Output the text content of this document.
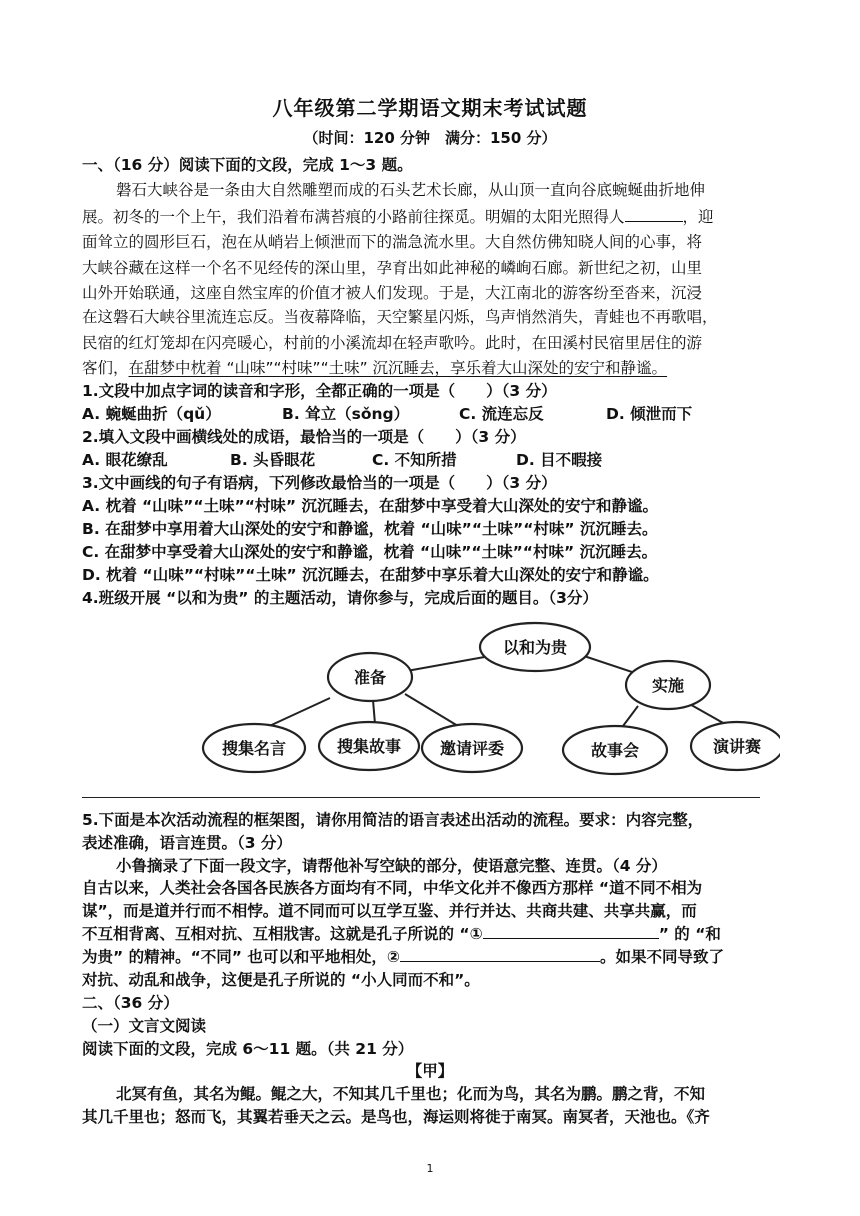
八年级第二学期语文期末考试试题
（时间：120 分钟　满分：150 分）
一、（16 分）阅读下面的文段，完成 1～3 题。
磐石大峡谷是一条由大自然雕塑而成的石头艺术长廊，从山顶一直向谷底蜿蜒曲折地伸
展。初冬的一个上午，我们沿着布满苔痕的小路前往探觅。明媚的太阳光照得人	，迎
面耸立的圆形巨石，泡在从峭岩上倾泄而下的湍急流水里。大自然仿佛知晓人间的心事，将
大峡谷藏在这样一个名不见经传的深山里，孕育出如此神秘的嶙峋石廊。新世纪之初，山里
山外开始联通，这座自然宝库的价值才被人们发现。于是，大江南北的游客纷至沓来，沉浸
在这磐石大峡谷里流连忘反。当夜幕降临，天空繁星闪烁，鸟声悄然消失，青蛙也不再歌唱，
民宿的红灯笼却在闪亮暖心，村前的小溪流却在轻声歌吟。此时，在田溪村民宿里居住的游
客们，在甜梦中枕着 “山味”“村味”“土味” 沉沉睡去，享乐着大山深处的安宁和静谧。
1.文段中加点字词的读音和字形，全都正确的一项是（　　）（3 分）
A. 蜿蜒曲折（qǔ）	B. 耸立（sǒng）	C. 流连忘反	D. 倾泄而下
2.填入文段中画横线处的成语，最恰当的一项是（　　）（3 分）
A. 眼花缭乱	B. 头昏眼花	C. 不知所措	D. 目不暇接
3.文中画线的句子有语病，下列修改最恰当的一项是（　　）（3 分）
A. 枕着 “山味”“土味”“村味” 沉沉睡去，在甜梦中享受着大山深处的安宁和静谧。
B. 在甜梦中享用着大山深处的安宁和静谧，枕着 “山味”“土味”“村味” 沉沉睡去。
C. 在甜梦中享受着大山深处的安宁和静谧，枕着 “山味”“土味”“村味” 沉沉睡去。
D. 枕着 “山味”“村味”“土味” 沉沉睡去，在甜梦中享乐着大山深处的安宁和静谧。
4.班级开展 “以和为贵” 的主题活动，请你参与，完成后面的题目。（3分）
以和为贵
准备	实施
搜集名言	搜集故事 邀请评委	故事会	演讲赛
5.下面是本次活动流程的框架图，请你用简洁的语言表述出活动的流程。要求：内容完整，
表述准确，语言连贯。（3 分）
小鲁摘录了下面一段文字，请帮他补写空缺的部分，使语意完整、连贯。（4 分）
自古以来，人类社会各国各民族各方面均有不同，中华文化并不像西方那样 “道不同不相为
谋”，而是道并行而不相悖。道不同而可以互学互鉴、并行并达、共商共建、共享共赢，而
不互相背离、互相对抗、互相戕害。这就是孔子所说的 “①	” 的 “和
为贵” 的精神。“不同” 也可以和平地相处，②	。如果不同导致了
对抗、动乱和战争，这便是孔子所说的 “小人同而不和”。
二、（36 分）
（一）文言文阅读
阅读下面的文段，完成 6～11 题。（共 21 分）
【甲】
北冥有鱼，其名为鲲。鲲之大，不知其几千里也；化而为鸟，其名为鹏。鹏之背，不知
其几千里也；怒而飞，其翼若垂天之云。是鸟也，海运则将徙于南冥。南冥者，天池也。《齐
1
